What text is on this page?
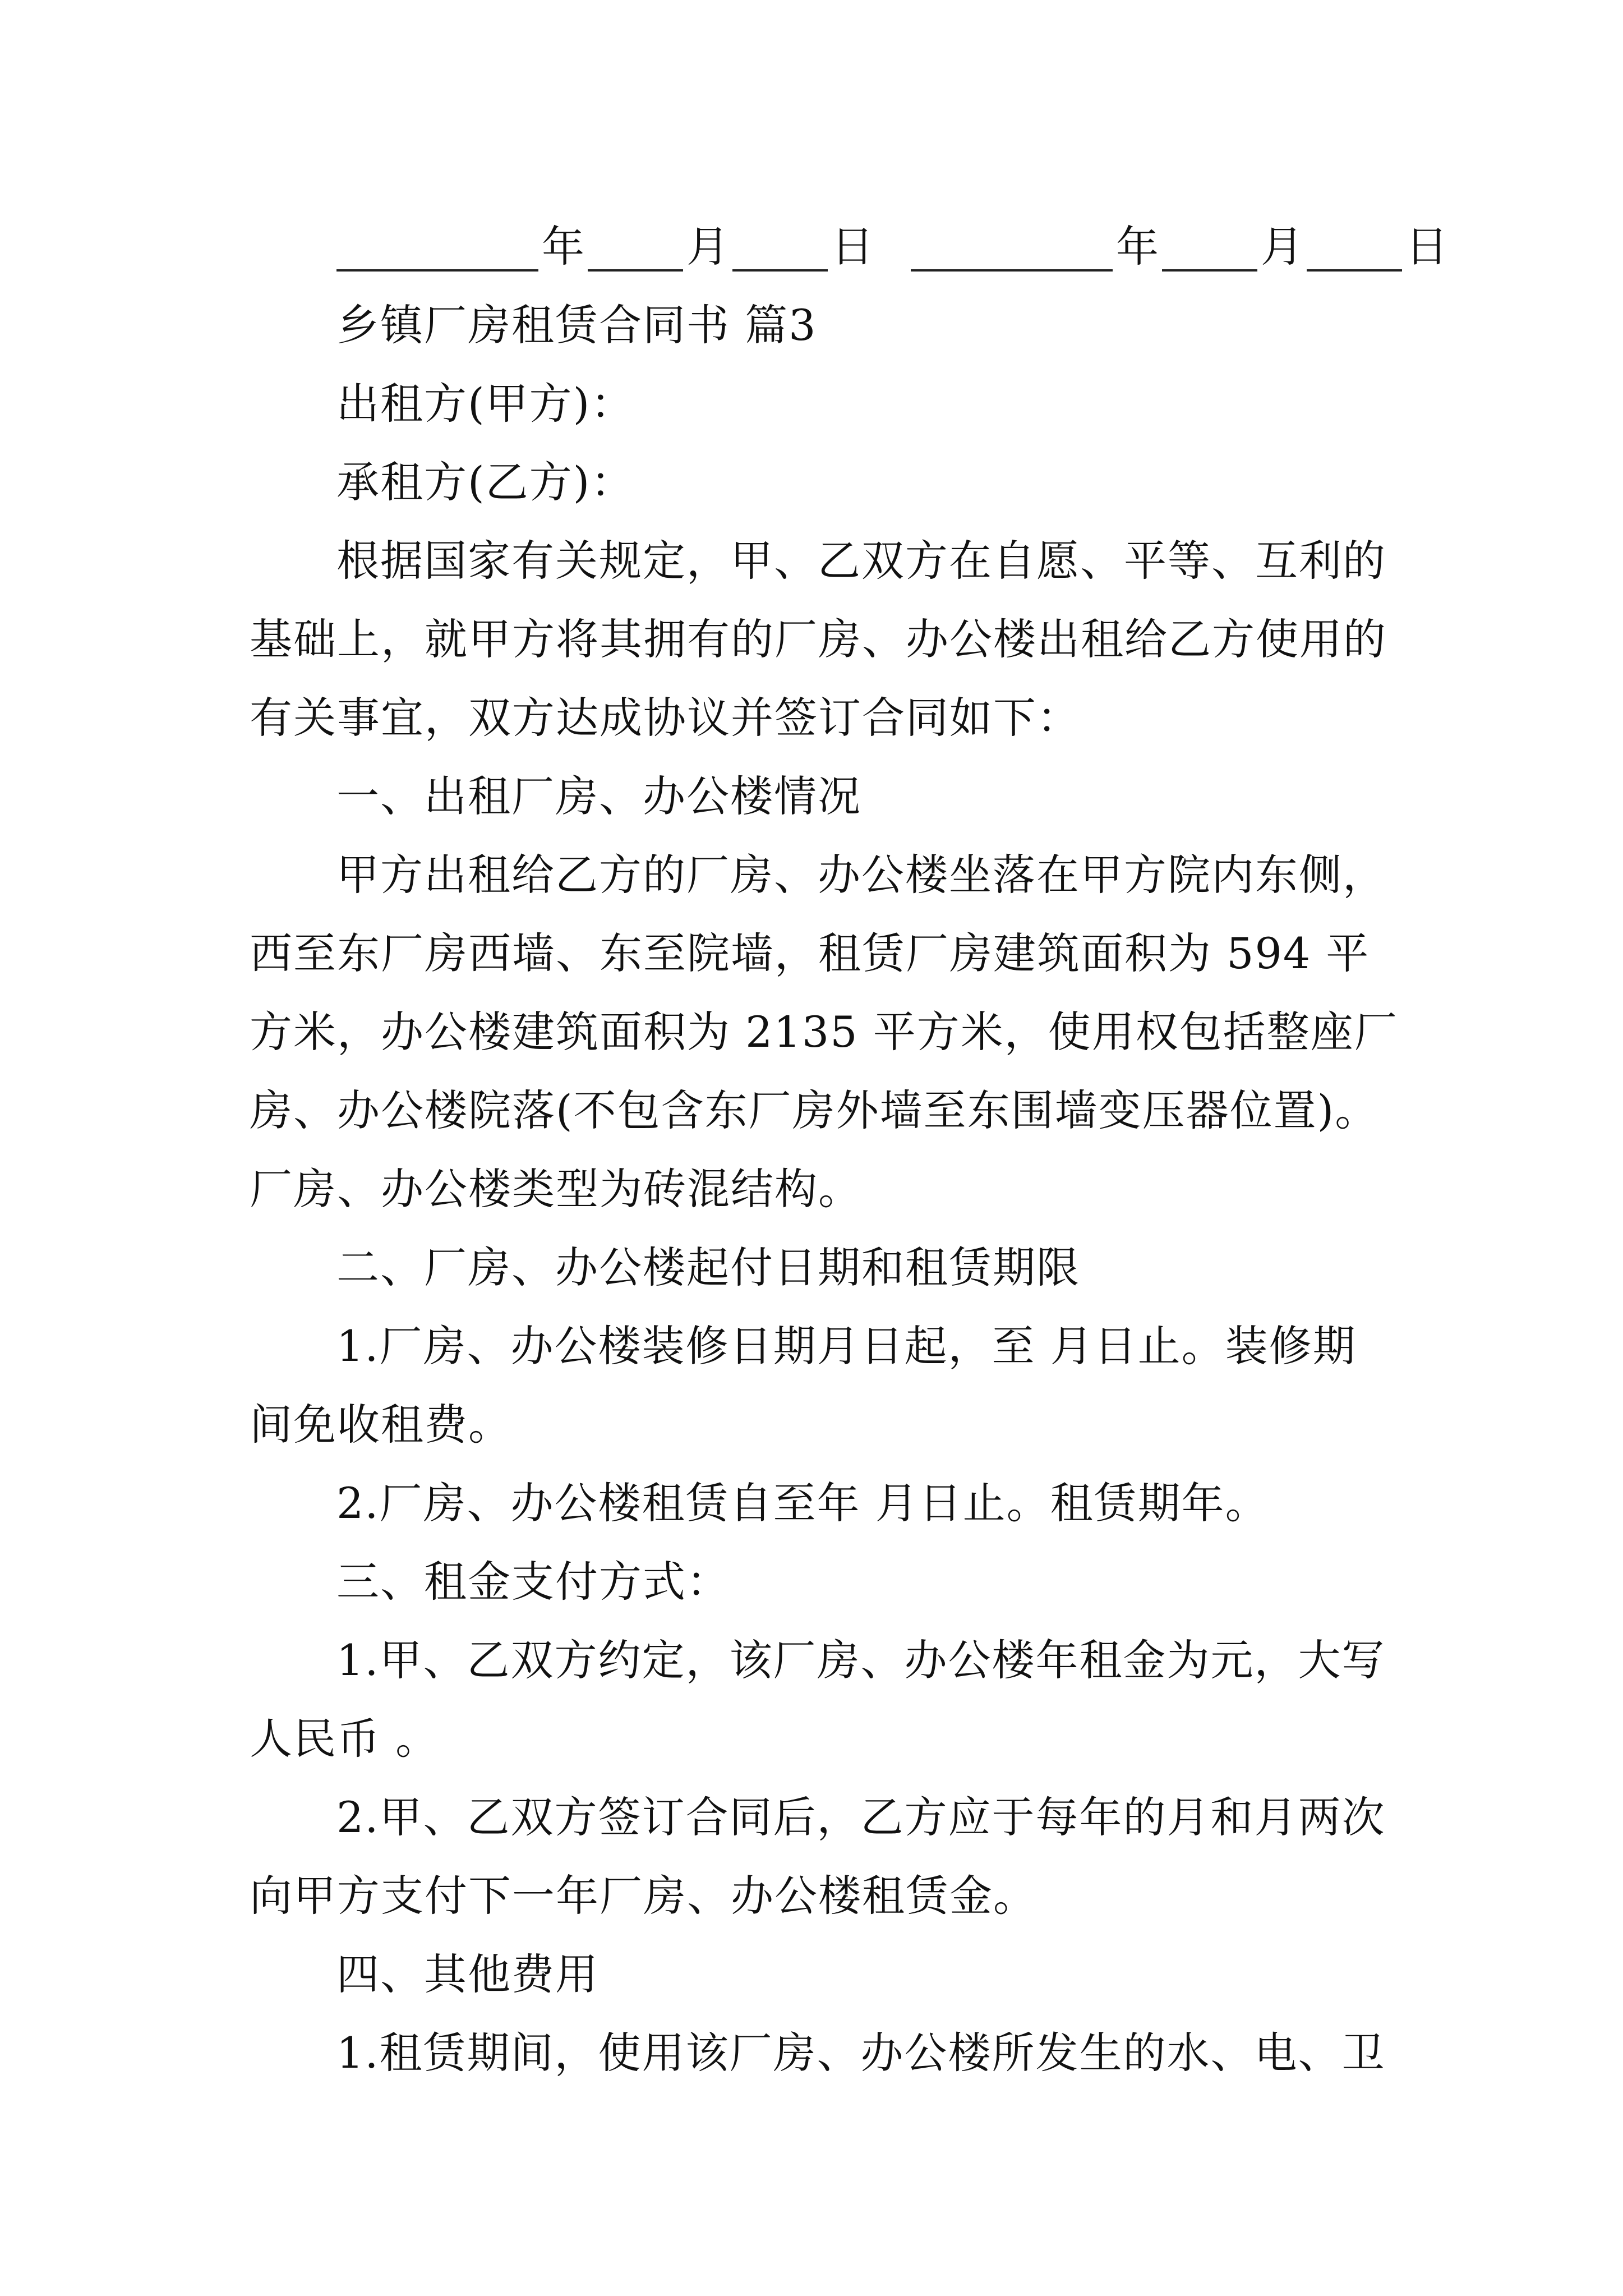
年 月 日	年 月 日
乡镇厂房租赁合同书 篇3
出租方(甲方)：
承租方(乙方)：
根据国家有关规定，甲、乙双方在自愿、平等、互利的
基础上，就甲方将其拥有的厂房、办公楼出租给乙方使用的
有关事宜，双方达成协议并签订合同如下：
一、出租厂房、办公楼情况
甲方出租给乙方的厂房、办公楼坐落在甲方院内东侧，
西至东厂房西墙、东至院墙，租赁厂房建筑面积为 594 平
方米，办公楼建筑面积为 2135 平方米，使用权包括整座厂
房、办公楼院落(不包含东厂房外墙至东围墙变压器位置)。
厂房、办公楼类型为砖混结构。
二、厂房、办公楼起付日期和租赁期限
1.厂房、办公楼装修日期月日起，至 月日止。装修期
间免收租费。
2.厂房、办公楼租赁自至年 月日止。租赁期年。
三、租金支付方式：
1.甲、乙双方约定，该厂房、办公楼年租金为元，大写
人民币 。
2.甲、乙双方签订合同后，乙方应于每年的月和月两次
向甲方支付下一年厂房、办公楼租赁金。
四、其他费用
1.租赁期间，使用该厂房、办公楼所发生的水、电、卫
